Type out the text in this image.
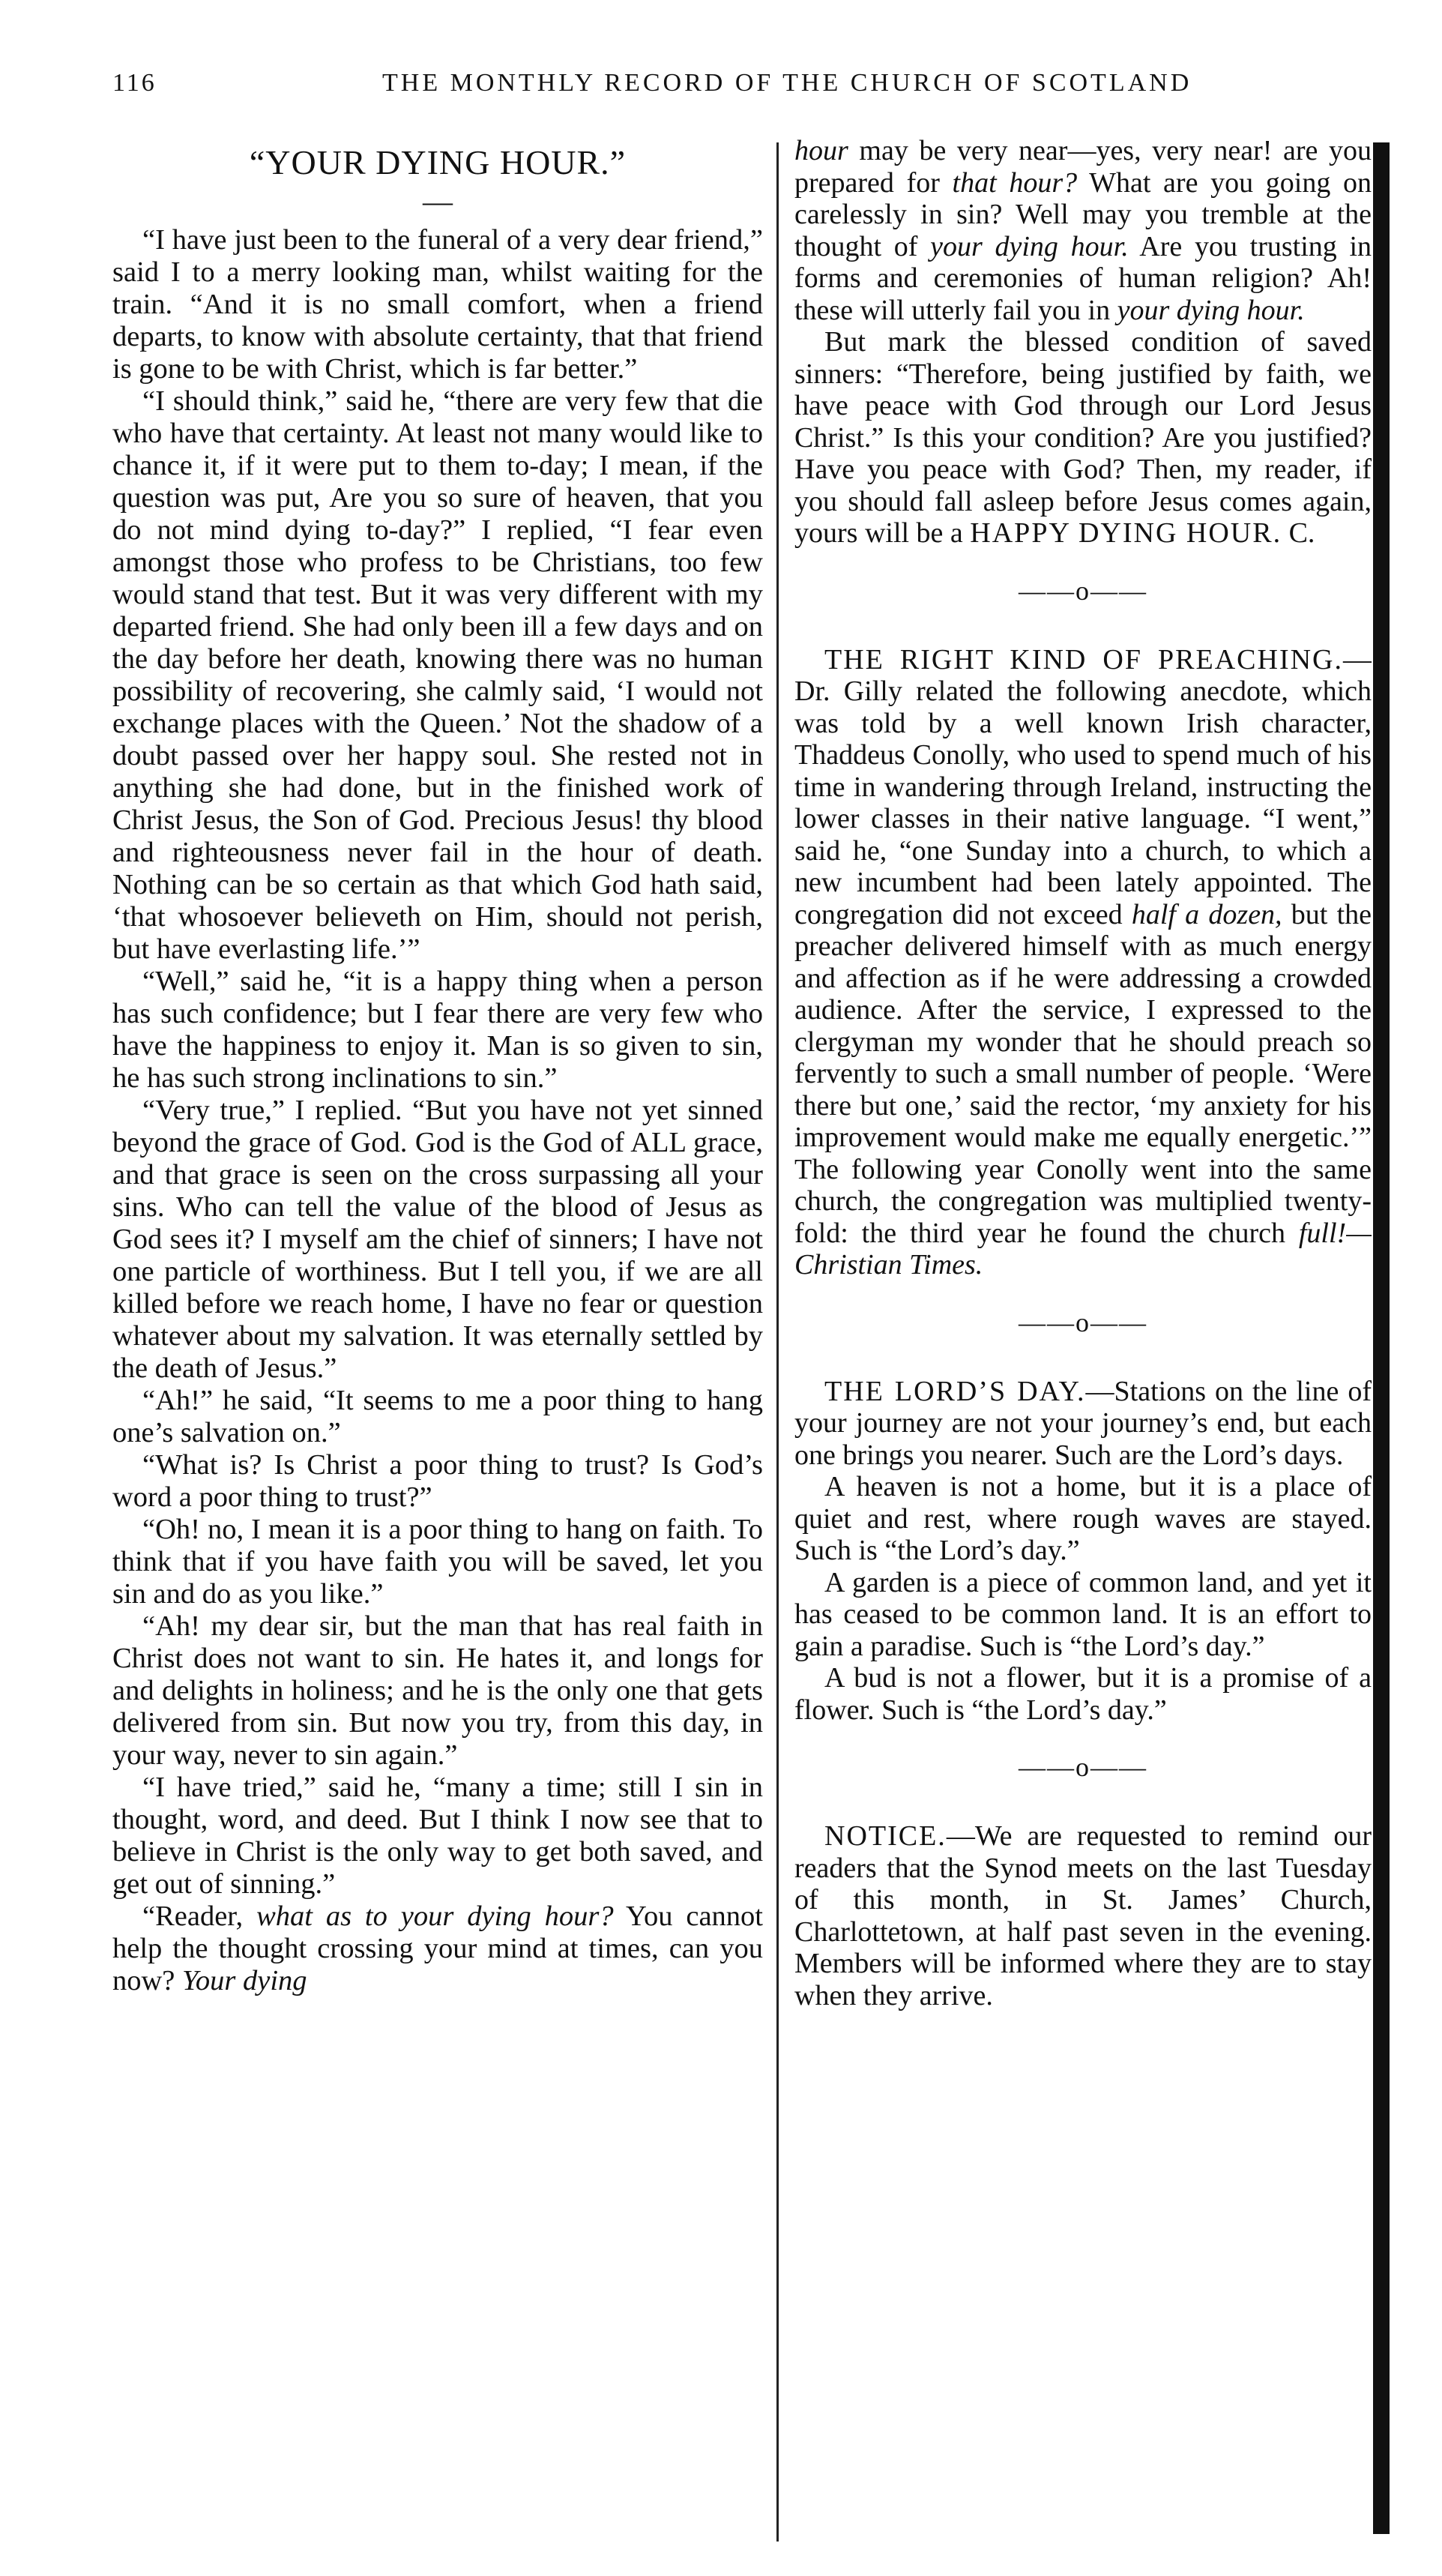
116	THE MONTHLY RECORD OF THE CHURCH OF SCOTLAND
“YOUR DYING HOUR.”
—

“I have just been to the funeral of a very dear friend,” said I to a merry looking man, whilst waiting for the train. “And it is no small comfort, when a friend departs, to know with absolute certainty, that that friend is gone to be with Christ, which is far better.”

“I should think,” said he, “there are very few that die who have that certainty. At least not many would like to chance it, if it were put to them to-day; I mean, if the question was put, Are you so sure of heaven, that you do not mind dying to-day?” I replied, “I fear even amongst those who profess to be Christians, too few would stand that test. But it was very different with my departed friend. She had only been ill a few days and on the day before her death, knowing there was no human possibility of recovering, she calmly said, ‘I would not exchange places with the Queen.’ Not the shadow of a doubt passed over her happy soul. She rested not in anything she had done, but in the finished work of Christ Jesus, the Son of God. Precious Jesus! thy blood and righteousness never fail in the hour of death. Nothing can be so certain as that which God hath said, ‘that whosoever believeth on Him, should not perish, but have everlasting life.’”

“Well,” said he, “it is a happy thing when a person has such confidence; but I fear there are very few who have the happiness to enjoy it. Man is so given to sin, he has such strong inclinations to sin.”

“Very true,” I replied. “But you have not yet sinned beyond the grace of God. God is the God of ALL grace, and that grace is seen on the cross surpassing all your sins. Who can tell the value of the blood of Jesus as God sees it? I myself am the chief of sinners; I have not one particle of worthiness. But I tell you, if we are all killed before we reach home, I have no fear or question whatever about my salvation. It was eternally settled by the death of Jesus.”

“Ah!” he said, “It seems to me a poor thing to hang one’s salvation on.”

“What is? Is Christ a poor thing to trust? Is God’s word a poor thing to trust?”

“Oh! no, I mean it is a poor thing to hang on faith. To think that if you have faith you will be saved, let you sin and do as you like.”

“Ah! my dear sir, but the man that has real faith in Christ does not want to sin. He hates it, and longs for and delights in holiness; and he is the only one that gets delivered from sin. But now you try, from this day, in your way, never to sin again.”

“I have tried,” said he, “many a time; still I sin in thought, word, and deed. But I think I now see that to believe in Christ is the only way to get both saved, and get out of sinning.”

“Reader, what as to your dying hour? You cannot help the thought crossing your mind at times, can you now? Your dying

hour may be very near—yes, very near! are you prepared for that hour? What are you going on carelessly in sin? Well may you tremble at the thought of your dying hour. Are you trusting in forms and ceremonies of human religion? Ah! these will utterly fail you in your dying hour.

But mark the blessed condition of saved sinners: “Therefore, being justified by faith, we have peace with God through our Lord Jesus Christ.” Is this your condition? Are you justified? Have you peace with God? Then, my reader, if you should fall asleep before Jesus comes again, yours will be a HAPPY DYING HOUR. C.

——o——

THE RIGHT KIND OF PREACHING.—Dr. Gilly related the following anecdote, which was told by a well known Irish character, Thaddeus Conolly, who used to spend much of his time in wandering through Ireland, instructing the lower classes in their native language. “I went,” said he, “one Sunday into a church, to which a new incumbent had been lately appointed. The congregation did not exceed half a dozen, but the preacher delivered himself with as much energy and affection as if he were addressing a crowded audience. After the service, I expressed to the clergyman my wonder that he should preach so fervently to such a small number of people. ‘Were there but one,’ said the rector, ‘my anxiety for his improvement would make me equally energetic.’” The following year Conolly went into the same church, the congregation was multiplied twenty-fold: the third year he found the church full!—Christian Times.

——o——

THE LORD’S DAY.—Stations on the line of your journey are not your journey’s end, but each one brings you nearer. Such are the Lord’s days.

A heaven is not a home, but it is a place of quiet and rest, where rough waves are stayed. Such is “the Lord’s day.”

A garden is a piece of common land, and yet it has ceased to be common land. It is an effort to gain a paradise. Such is “the Lord’s day.”

A bud is not a flower, but it is a promise of a flower. Such is “the Lord’s day.”

——o——

NOTICE.—We are requested to remind our readers that the Synod meets on the last Tuesday of this month, in St. James’ Church, Charlottetown, at half past seven in the evening. Members will be informed where they are to stay when they arrive.
